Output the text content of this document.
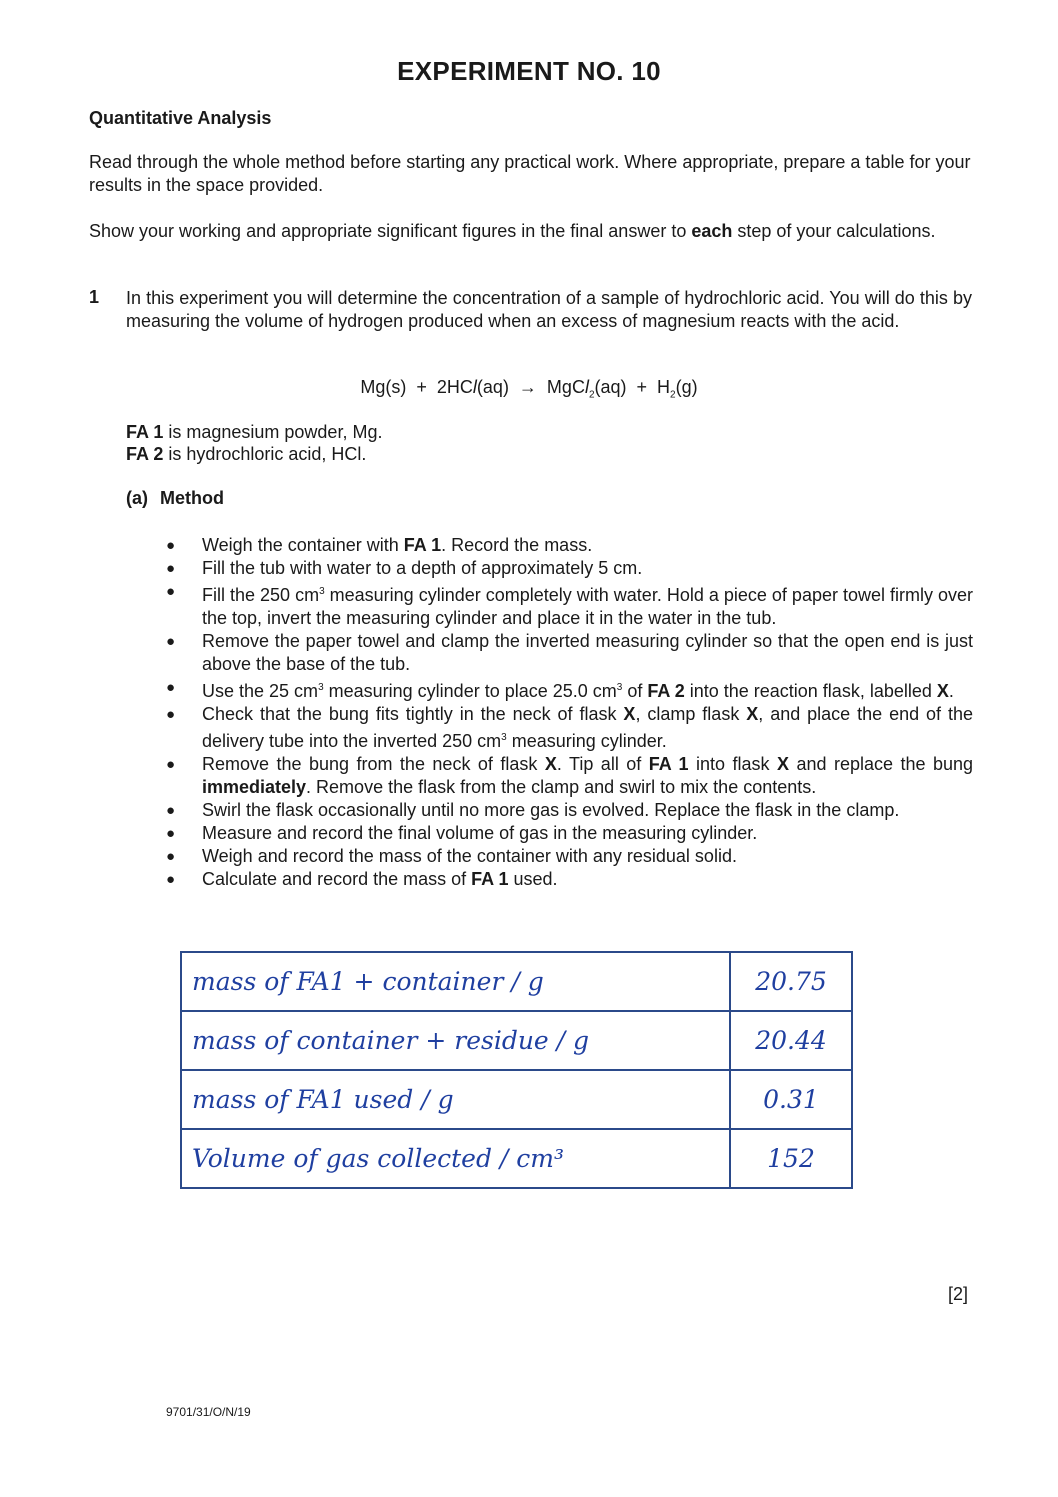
EXPERIMENT NO. 10
Quantitative Analysis
Read through the whole method before starting any practical work. Where appropriate, prepare a table for your results in the space provided.
Show your working and appropriate significant figures in the final answer to each step of your calculations.
1 In this experiment you will determine the concentration of a sample of hydrochloric acid. You will do this by measuring the volume of hydrogen produced when an excess of magnesium reacts with the acid.
Mg(s)  +  2HCl(aq)  →  MgCl$_2$(aq)  +  $H_2(g)$
FA 1 is magnesium powder, Mg.
FA 2 is hydrochloric acid, HCl.
(a) Method
● Weigh the container with FA 1. Record the mass.
● Fill the tub with water to a depth of approximately 5 cm.
● Fill the 250 $cm^3$ measuring cylinder completely with water. Hold a piece of paper towel firmly over the top, invert the measuring cylinder and place it in the water in the tub.
● Remove the paper towel and clamp the inverted measuring cylinder so that the open end is just above the base of the tub.
● Use the 25 $cm^3$ measuring cylinder to place 25.0 $cm^3$ of FA 2 into the reaction flask, labelled X.
● Check that the bung fits tightly in the neck of flask X, clamp flask X, and place the end of the delivery tube into the inverted 250 $cm^3$ measuring cylinder.
● Remove the bung from the neck of flask X. Tip all of FA 1 into flask X and replace the bung immediately. Remove the flask from the clamp and swirl to mix the contents.
● Swirl the flask occasionally until no more gas is evolved. Replace the flask in the clamp.
● Measure and record the final volume of gas in the measuring cylinder.
● Weigh and record the mass of the container with any residual solid.
● Calculate and record the mass of FA 1 used.
mass of FA1 + container / g	20.75
mass of container + residue / g	20.44
mass of FA1 used / g	0.31
Volume of gas collected / cm³	152
[2]
9701/31/O/N/19
